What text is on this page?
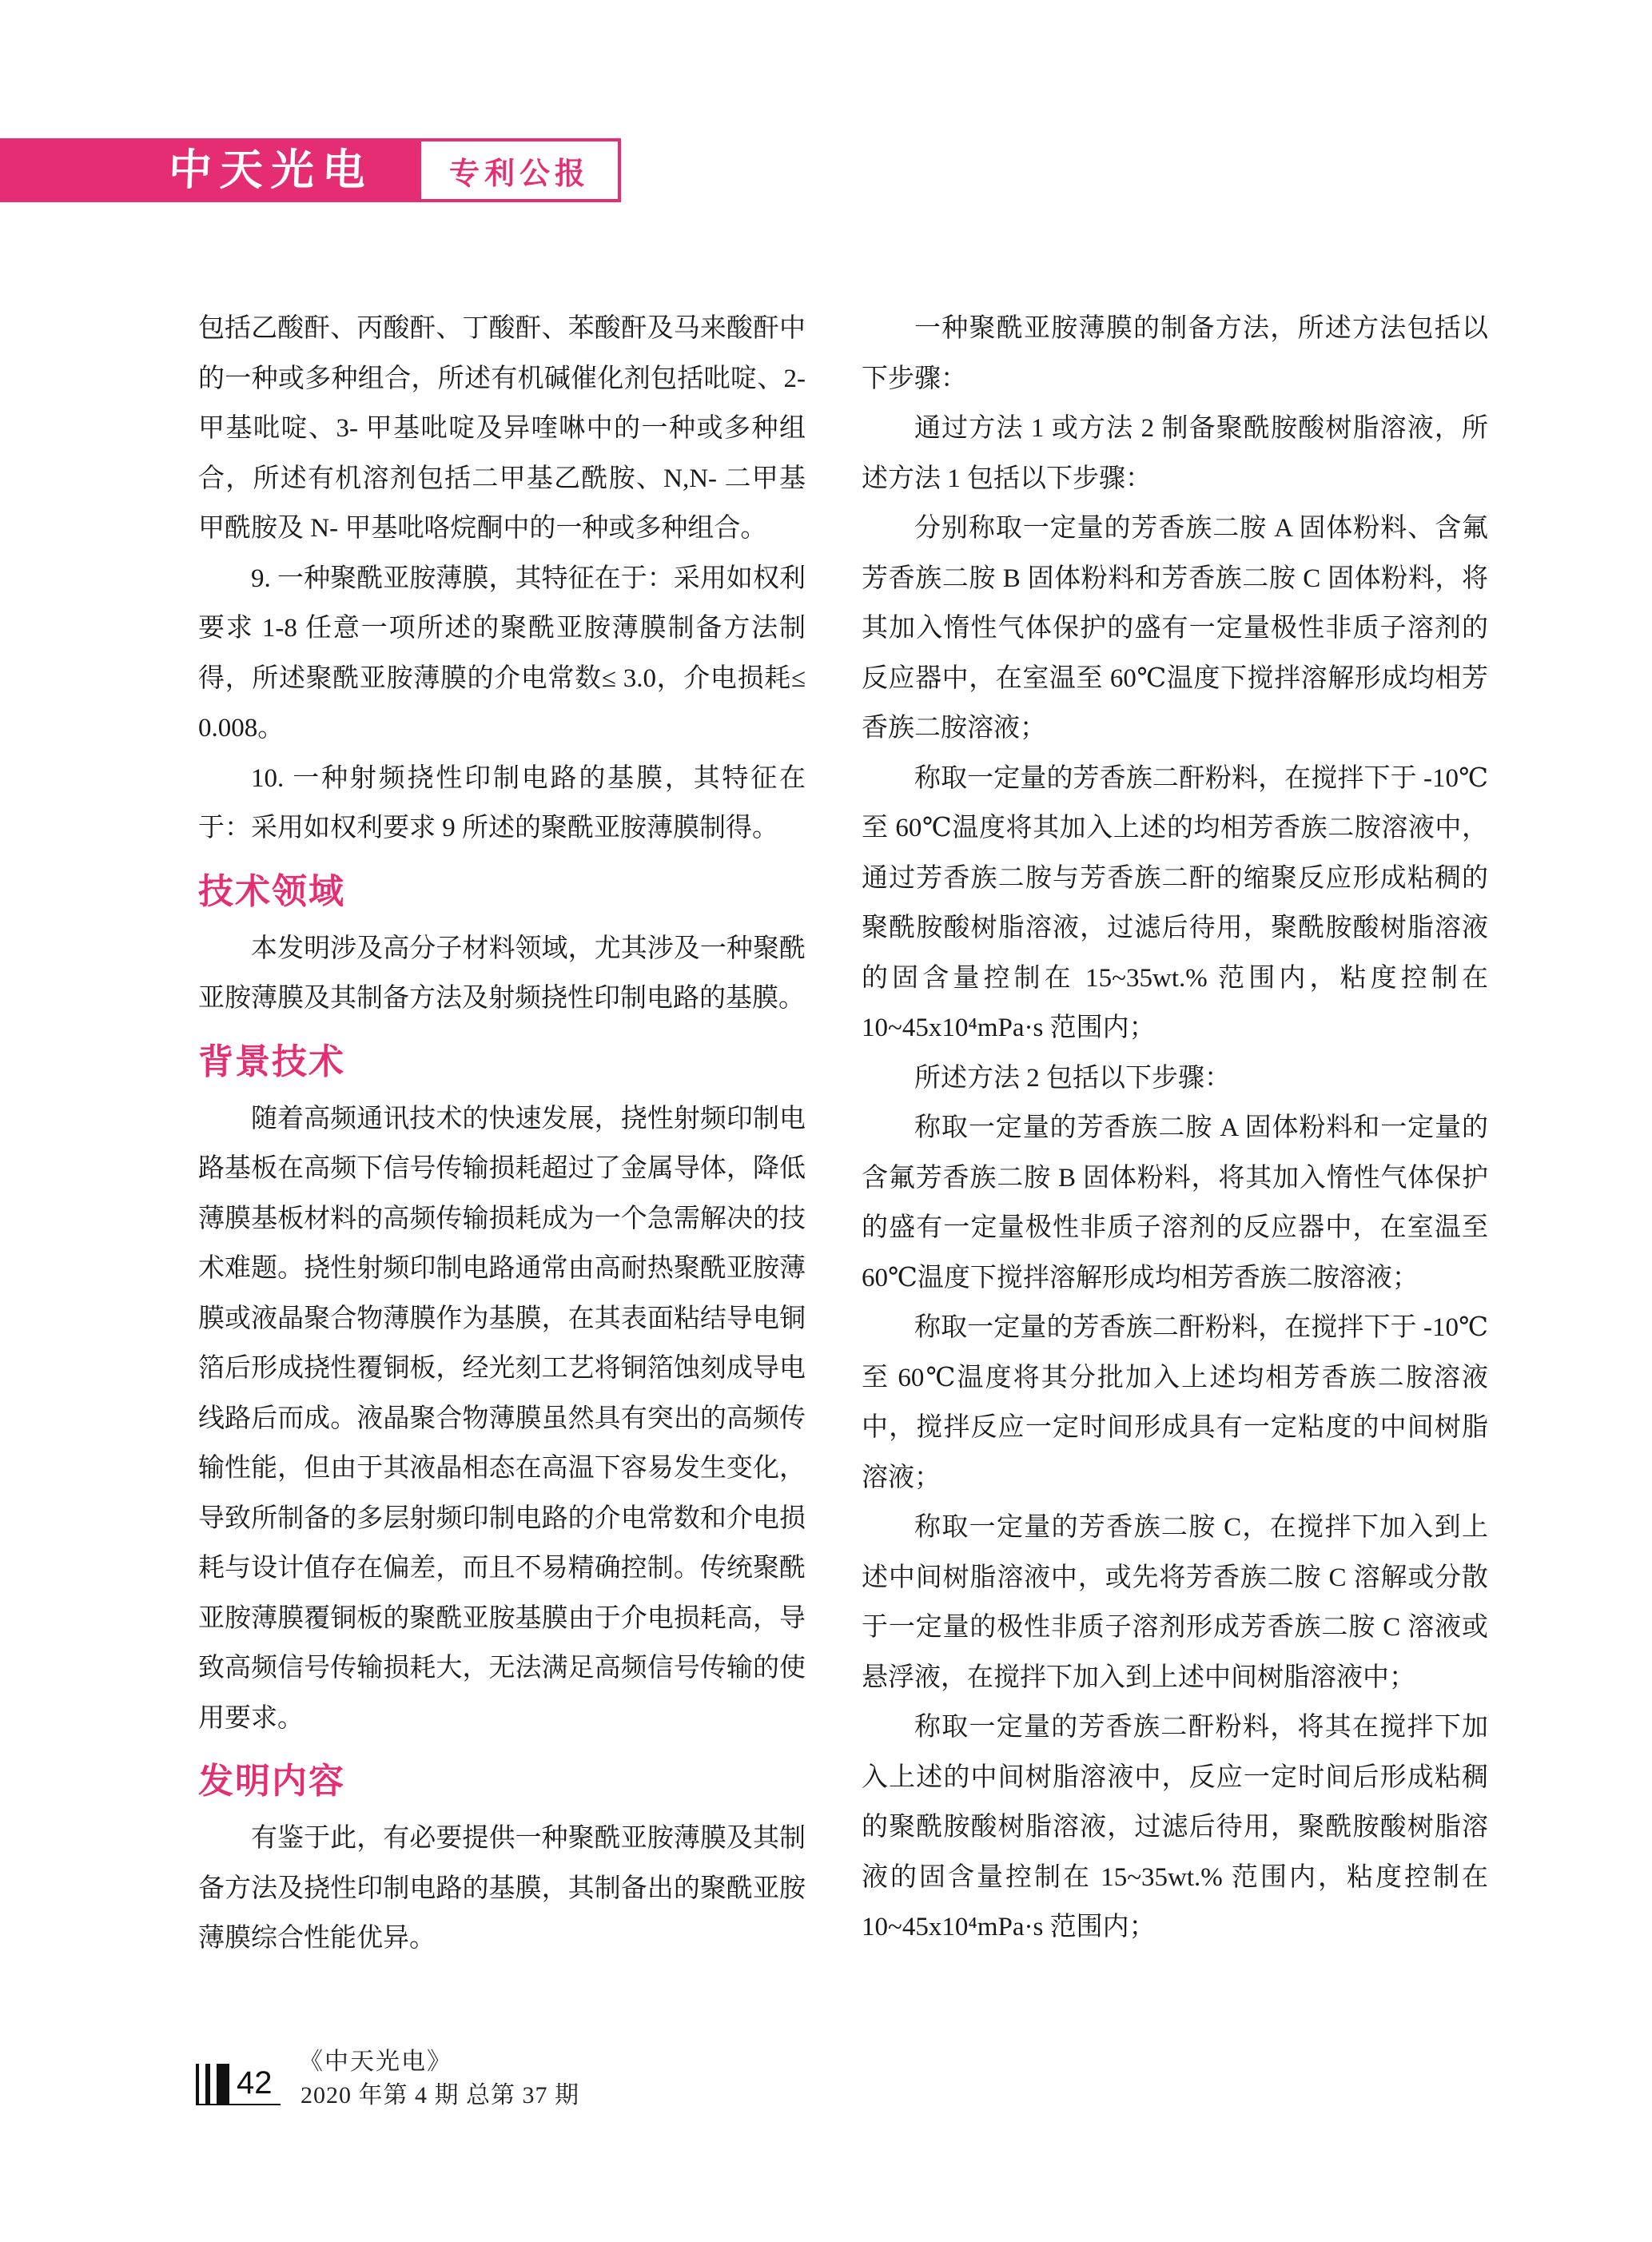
中天光电 专利公报

包括乙酸酐、丙酸酐、丁酸酐、苯酸酐及马来酸酐中的一种或多种组合，所述有机碱催化剂包括吡啶、2- 甲基吡啶、3- 甲基吡啶及异喹啉中的一种或多种组合，所述有机溶剂包括二甲基乙酰胺、N,N- 二甲基甲酰胺及 N- 甲基吡咯烷酮中的一种或多种组合。

9. 一种聚酰亚胺薄膜，其特征在于：采用如权利要求 1-8 任意一项所述的聚酰亚胺薄膜制备方法制得，所述聚酰亚胺薄膜的介电常数≤ 3.0，介电损耗≤ 0.008。

10. 一种射频挠性印制电路的基膜，其特征在于：采用如权利要求 9 所述的聚酰亚胺薄膜制得。

技术领域

本发明涉及高分子材料领域，尤其涉及一种聚酰亚胺薄膜及其制备方法及射频挠性印制电路的基膜。

背景技术

随着高频通讯技术的快速发展，挠性射频印制电路基板在高频下信号传输损耗超过了金属导体，降低薄膜基板材料的高频传输损耗成为一个急需解决的技术难题。挠性射频印制电路通常由高耐热聚酰亚胺薄膜或液晶聚合物薄膜作为基膜，在其表面粘结导电铜箔后形成挠性覆铜板，经光刻工艺将铜箔蚀刻成导电线路后而成。液晶聚合物薄膜虽然具有突出的高频传输性能，但由于其液晶相态在高温下容易发生变化，导致所制备的多层射频印制电路的介电常数和介电损耗与设计值存在偏差，而且不易精确控制。传统聚酰亚胺薄膜覆铜板的聚酰亚胺基膜由于介电损耗高，导致高频信号传输损耗大，无法满足高频信号传输的使用要求。

发明内容

有鉴于此，有必要提供一种聚酰亚胺薄膜及其制备方法及挠性印制电路的基膜，其制备出的聚酰亚胺薄膜综合性能优异。

一种聚酰亚胺薄膜的制备方法，所述方法包括以下步骤：

通过方法 1 或方法 2 制备聚酰胺酸树脂溶液，所述方法 1 包括以下步骤：

分别称取一定量的芳香族二胺 A 固体粉料、含氟芳香族二胺 B 固体粉料和芳香族二胺 C 固体粉料，将其加入惰性气体保护的盛有一定量极性非质子溶剂的反应器中，在室温至 60℃温度下搅拌溶解形成均相芳香族二胺溶液；

称取一定量的芳香族二酐粉料，在搅拌下于 -10℃至 60℃温度将其加入上述的均相芳香族二胺溶液中，通过芳香族二胺与芳香族二酐的缩聚反应形成粘稠的聚酰胺酸树脂溶液，过滤后待用，聚酰胺酸树脂溶液的固含量控制在 15~35wt.% 范围内，粘度控制在 10~45x10⁴mPa·s 范围内；

所述方法 2 包括以下步骤：

称取一定量的芳香族二胺 A 固体粉料和一定量的含氟芳香族二胺 B 固体粉料，将其加入惰性气体保护的盛有一定量极性非质子溶剂的反应器中，在室温至 60℃温度下搅拌溶解形成均相芳香族二胺溶液；

称取一定量的芳香族二酐粉料，在搅拌下于 -10℃至 60℃温度将其分批加入上述均相芳香族二胺溶液中，搅拌反应一定时间形成具有一定粘度的中间树脂溶液；

称取一定量的芳香族二胺 C，在搅拌下加入到上述中间树脂溶液中，或先将芳香族二胺 C 溶解或分散于一定量的极性非质子溶剂形成芳香族二胺 C 溶液或悬浮液，在搅拌下加入到上述中间树脂溶液中；

称取一定量的芳香族二酐粉料，将其在搅拌下加入上述的中间树脂溶液中，反应一定时间后形成粘稠的聚酰胺酸树脂溶液，过滤后待用，聚酰胺酸树脂溶液的固含量控制在 15~35wt.% 范围内，粘度控制在 10~45x10⁴mPa·s 范围内；

42
《中天光电》
2020 年第 4 期 总第 37 期
